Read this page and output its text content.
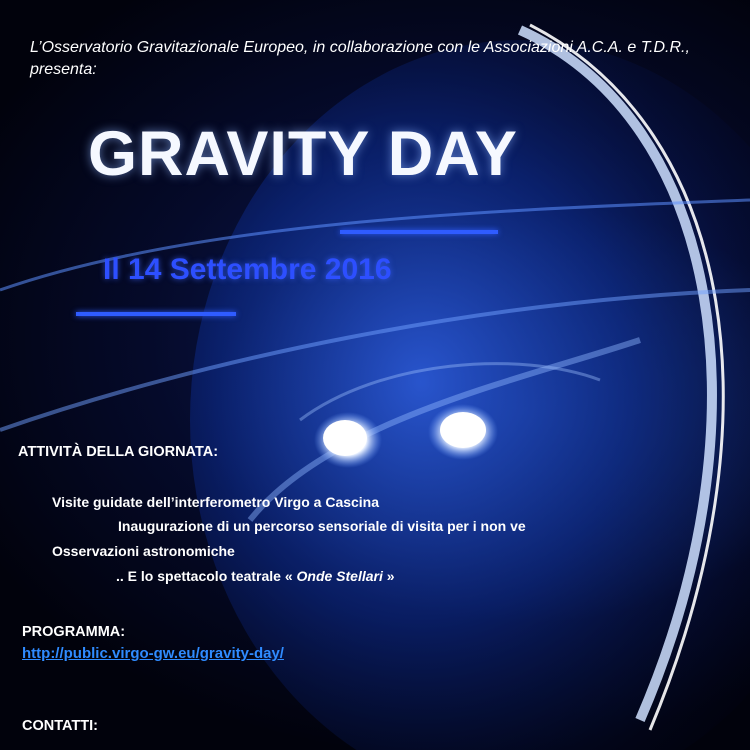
L’Osservatorio Gravitazionale Europeo, in collaborazione con le Associazioni A.C.A. e T.D.R., presenta:
GRAVITY DAY
Il 14 Settembre 2016
ATTIVITÀ DELLA GIORNATA:
Visite guidate dell’interferometro Virgo a Cascina
Inaugurazione di un percorso sensoriale di visita per i non ve
Osservazioni astronomiche
.. E lo spettacolo teatrale « Onde Stellari »
PROGRAMMA:
http://public.virgo-gw.eu/gravity-day/
CONTATTI:
